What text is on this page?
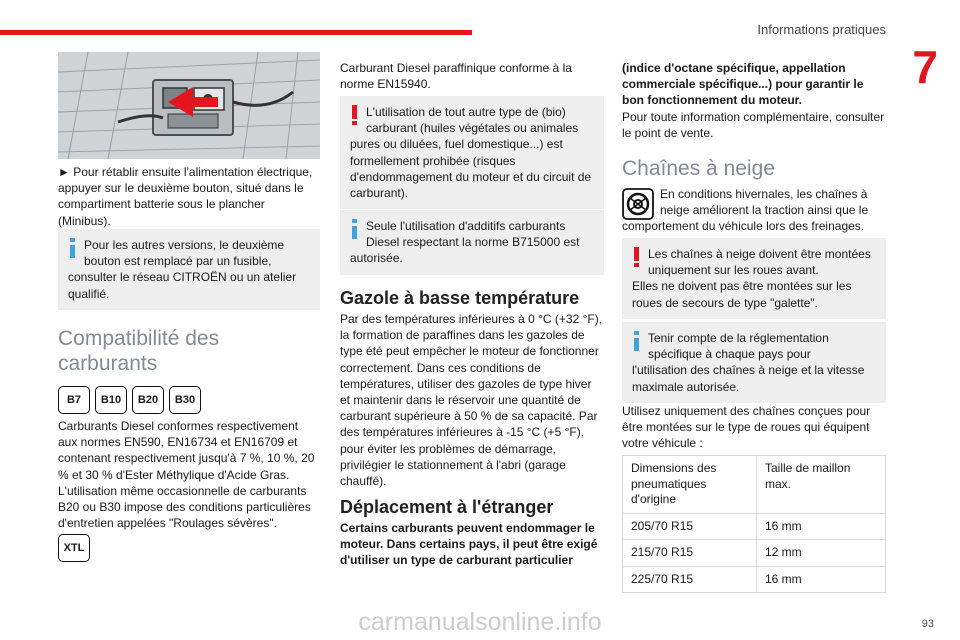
Informations pratiques
7

► Pour rétablir ensuite l'alimentation électrique, appuyer sur le deuxième bouton, situé dans le compartiment batterie sous le plancher (Minibus).

Pour les autres versions, le deuxième bouton est remplacé par un fusible,
consulter le réseau CITROËN ou un atelier qualifié.
Compatibilité des carburants
B7	B10	B20	B30

Carburants Diesel conformes respectivement aux normes EN590, EN16734 et EN16709 et contenant respectivement jusqu'à 7 %, 10 %, 20 % et 30 % d'Ester Méthylique d'Acide Gras. L'utilisation même occasionnelle de carburants B20 ou B30 impose des conditions particulières d'entretien appelées "Roulages sévères".

XTL

Carburant Diesel paraffinique conforme à la norme EN15940.

L'utilisation de tout autre type de (bio) carburant (huiles végétales ou animales
pures ou diluées, fuel domestique...) est formellement prohibée (risques d'endommagement du moteur et du circuit de carburant).
Seule l'utilisation d'additifs carburants Diesel respectant la norme B715000 est
autorisée.
Gazole à basse température

Par des températures inférieures à 0 °C (+32 °F), la formation de paraffines dans les gazoles de type été peut empêcher le moteur de fonctionner correctement. Dans ces conditions de températures, utiliser des gazoles de type hiver et maintenir dans le réservoir une quantité de carburant supérieure à 50 % de sa capacité. Par des températures inférieures à -15 °C (+5 °F), pour éviter les problèmes de démarrage, privilégier le stationnement à l'abri (garage chauffé).

Déplacement à l'étranger

Certains carburants peuvent endommager le moteur. Dans certains pays, il peut être exigé d'utiliser un type de carburant particulier

(indice d'octane spécifique, appellation commerciale spécifique...) pour garantir le bon fonctionnement du moteur.

Pour toute information complémentaire, consulter le point de vente.

Chaînes à neige

En conditions hivernales, les chaînes à neige améliorent la traction ainsi que le

comportement du véhicule lors des freinages.

Les chaînes à neige doivent être montées uniquement sur les roues avant.
Elles ne doivent pas être montées sur les roues de secours de type "galette".
Tenir compte de la réglementation spécifique à chaque pays pour
l'utilisation des chaînes à neige et la vitesse maximale autorisée.

Utilisez uniquement des chaînes conçues pour être montées sur le type de roues qui équipent votre véhicule :

Dimensions des pneumatiques d'origine	Taille de maillon max.
205/70 R15	16 mm
215/70 R15	12 mm
225/70 R15	16 mm
carmanualsonline.info	93
